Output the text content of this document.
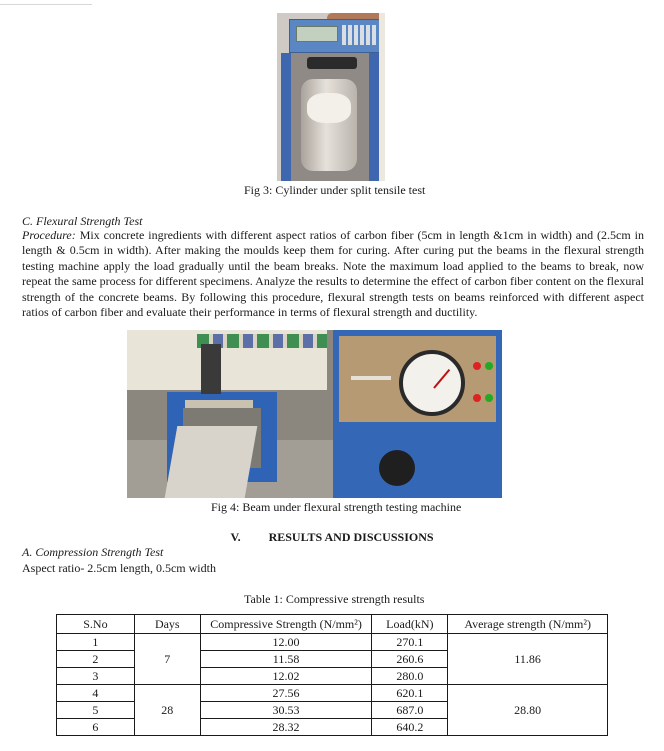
Fig 3: Cylinder under split tensile test
C. Flexural Strength Test

Procedure: Mix concrete ingredients with different aspect ratios of carbon fiber (5cm in length &1cm in width) and (2.5cm in length & 0.5cm in width). After making the moulds keep them for curing. After curing put the beams in the flexural strength testing machine apply the load gradually until the beam breaks. Note the maximum load applied to the beams to break, now repeat the same process for different specimens. Analyze the results to determine the effect of carbon fiber content on the flexural strength of the concrete beams. By following this procedure, flexural strength tests on beams reinforced with different aspect ratios of carbon fiber and evaluate their performance in terms of flexural strength and ductility.

Fig 4: Beam under flexural strength testing machine
V. RESULTS AND DISCUSSIONS
A. Compression Strength Test
Aspect ratio- 2.5cm length, 0.5cm width
Table 1: Compressive strength results
S.No	Days	Compressive Strength (N/mm²)	Load(kN)	Average strength (N/mm²)
1	7	12.00	270.1	11.86
2		11.58	260.6	
3		12.02	280.0	
4	28	27.56	620.1	28.80
5		30.53	687.0	
6		28.32	640.2	
